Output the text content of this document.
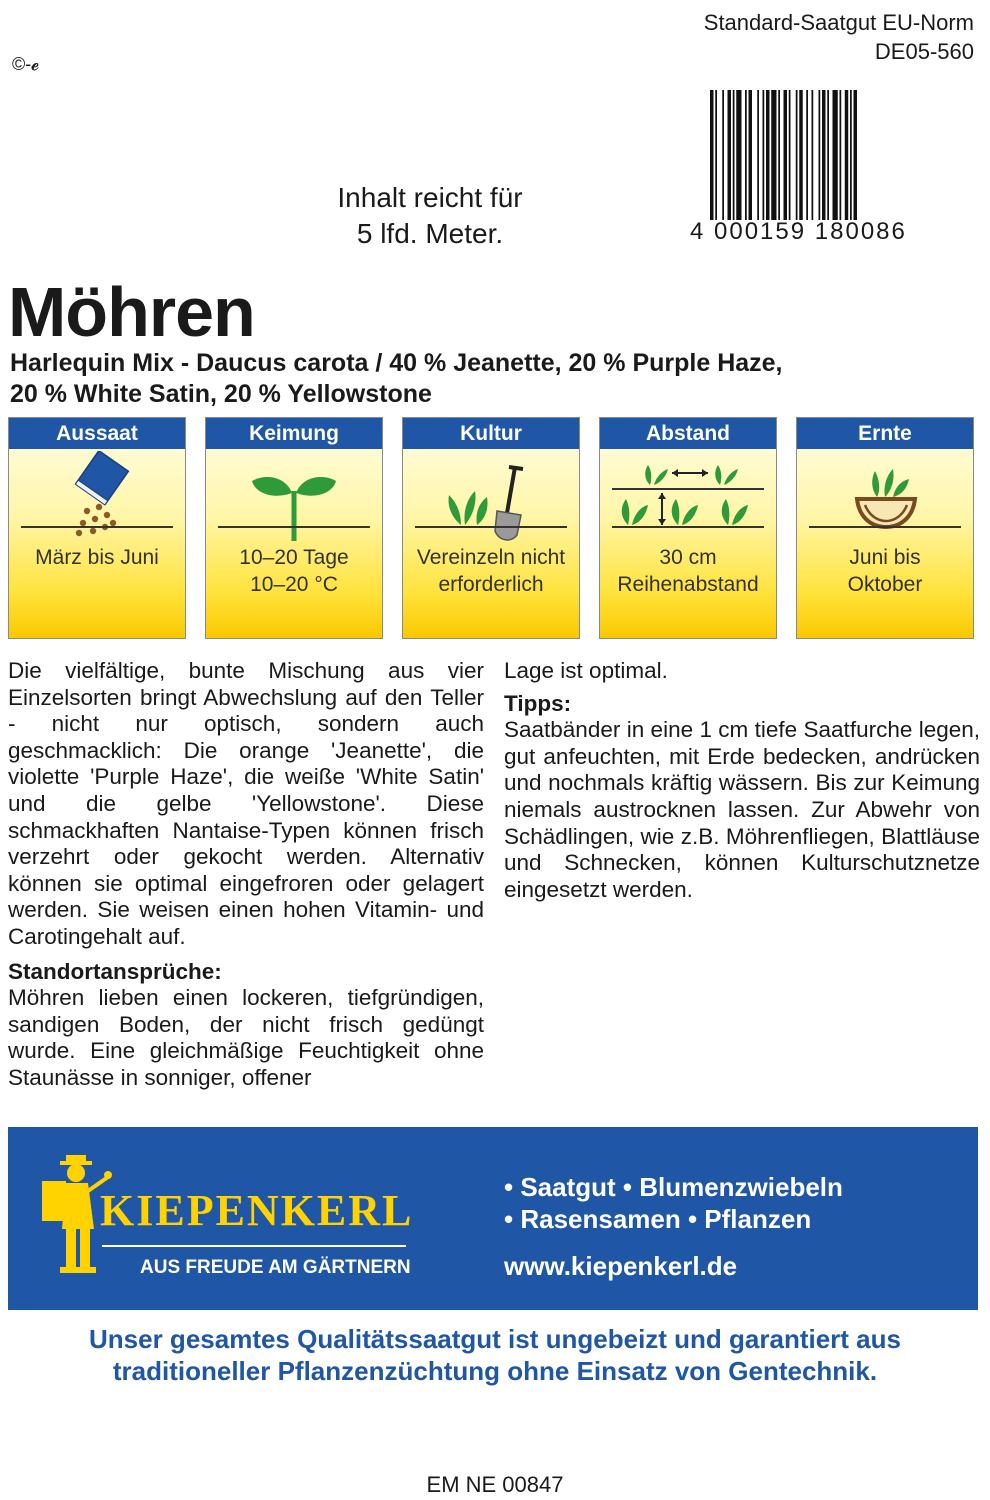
©-𝓮
Standard-Saatgut EU-Norm
DE05-560
4 000159 180086
Inhalt reicht für
5 lfd. Meter.
Möhren
Harlequin Mix - Daucus carota / 40 % Jeanette, 20 % Purple Haze,
20 % White Satin, 20 % Yellowstone
Aussaat
März bis Juni
Keimung
10–20 Tage
10–20 °C
Kultur
Vereinzeln nicht
erforderlich
Abstand
30 cm
Reihenabstand
Ernte
Juni bis
Oktober

Die vielfältige, bunte Mischung aus vier Einzelsorten bringt Abwechslung auf den Teller - nicht nur optisch, sondern auch geschmacklich: Die orange 'Jeanette', die violette 'Purple Haze', die weiße 'White Satin' und die gelbe 'Yellowstone'. Diese schmackhaften Nantaise-Typen können frisch verzehrt oder gekocht werden. Alternativ können sie optimal eingefroren oder gelagert werden. Sie weisen einen hohen Vitamin- und Carotingehalt auf.

Standortansprüche:

Möhren lieben einen lockeren, tiefgründigen, sandigen Boden, der nicht frisch gedüngt wurde. Eine gleichmäßige Feuchtigkeit ohne Staunässe in sonniger, offener

Lage ist optimal.

Tipps:

Saatbänder in eine 1 cm tiefe Saatfurche legen, gut anfeuchten, mit Erde bedecken, andrücken und nochmals kräftig wässern. Bis zur Keimung niemals austrocknen lassen. Zur Abwehr von Schädlingen, wie z.B. Möhrenfliegen, Blattläuse und Schnecken, können Kulturschutznetze eingesetzt werden.

KIEPENKERL
AUS FREUDE AM GÄRTNERN
• Saatgut • Blumenzwiebeln
• Rasensamen • Pflanzen
www.kiepenkerl.de
Unser gesamtes Qualitätssaatgut ist ungebeizt und garantiert aus
traditioneller Pflanzenzüchtung ohne Einsatz von Gentechnik.
EM NE 00847
